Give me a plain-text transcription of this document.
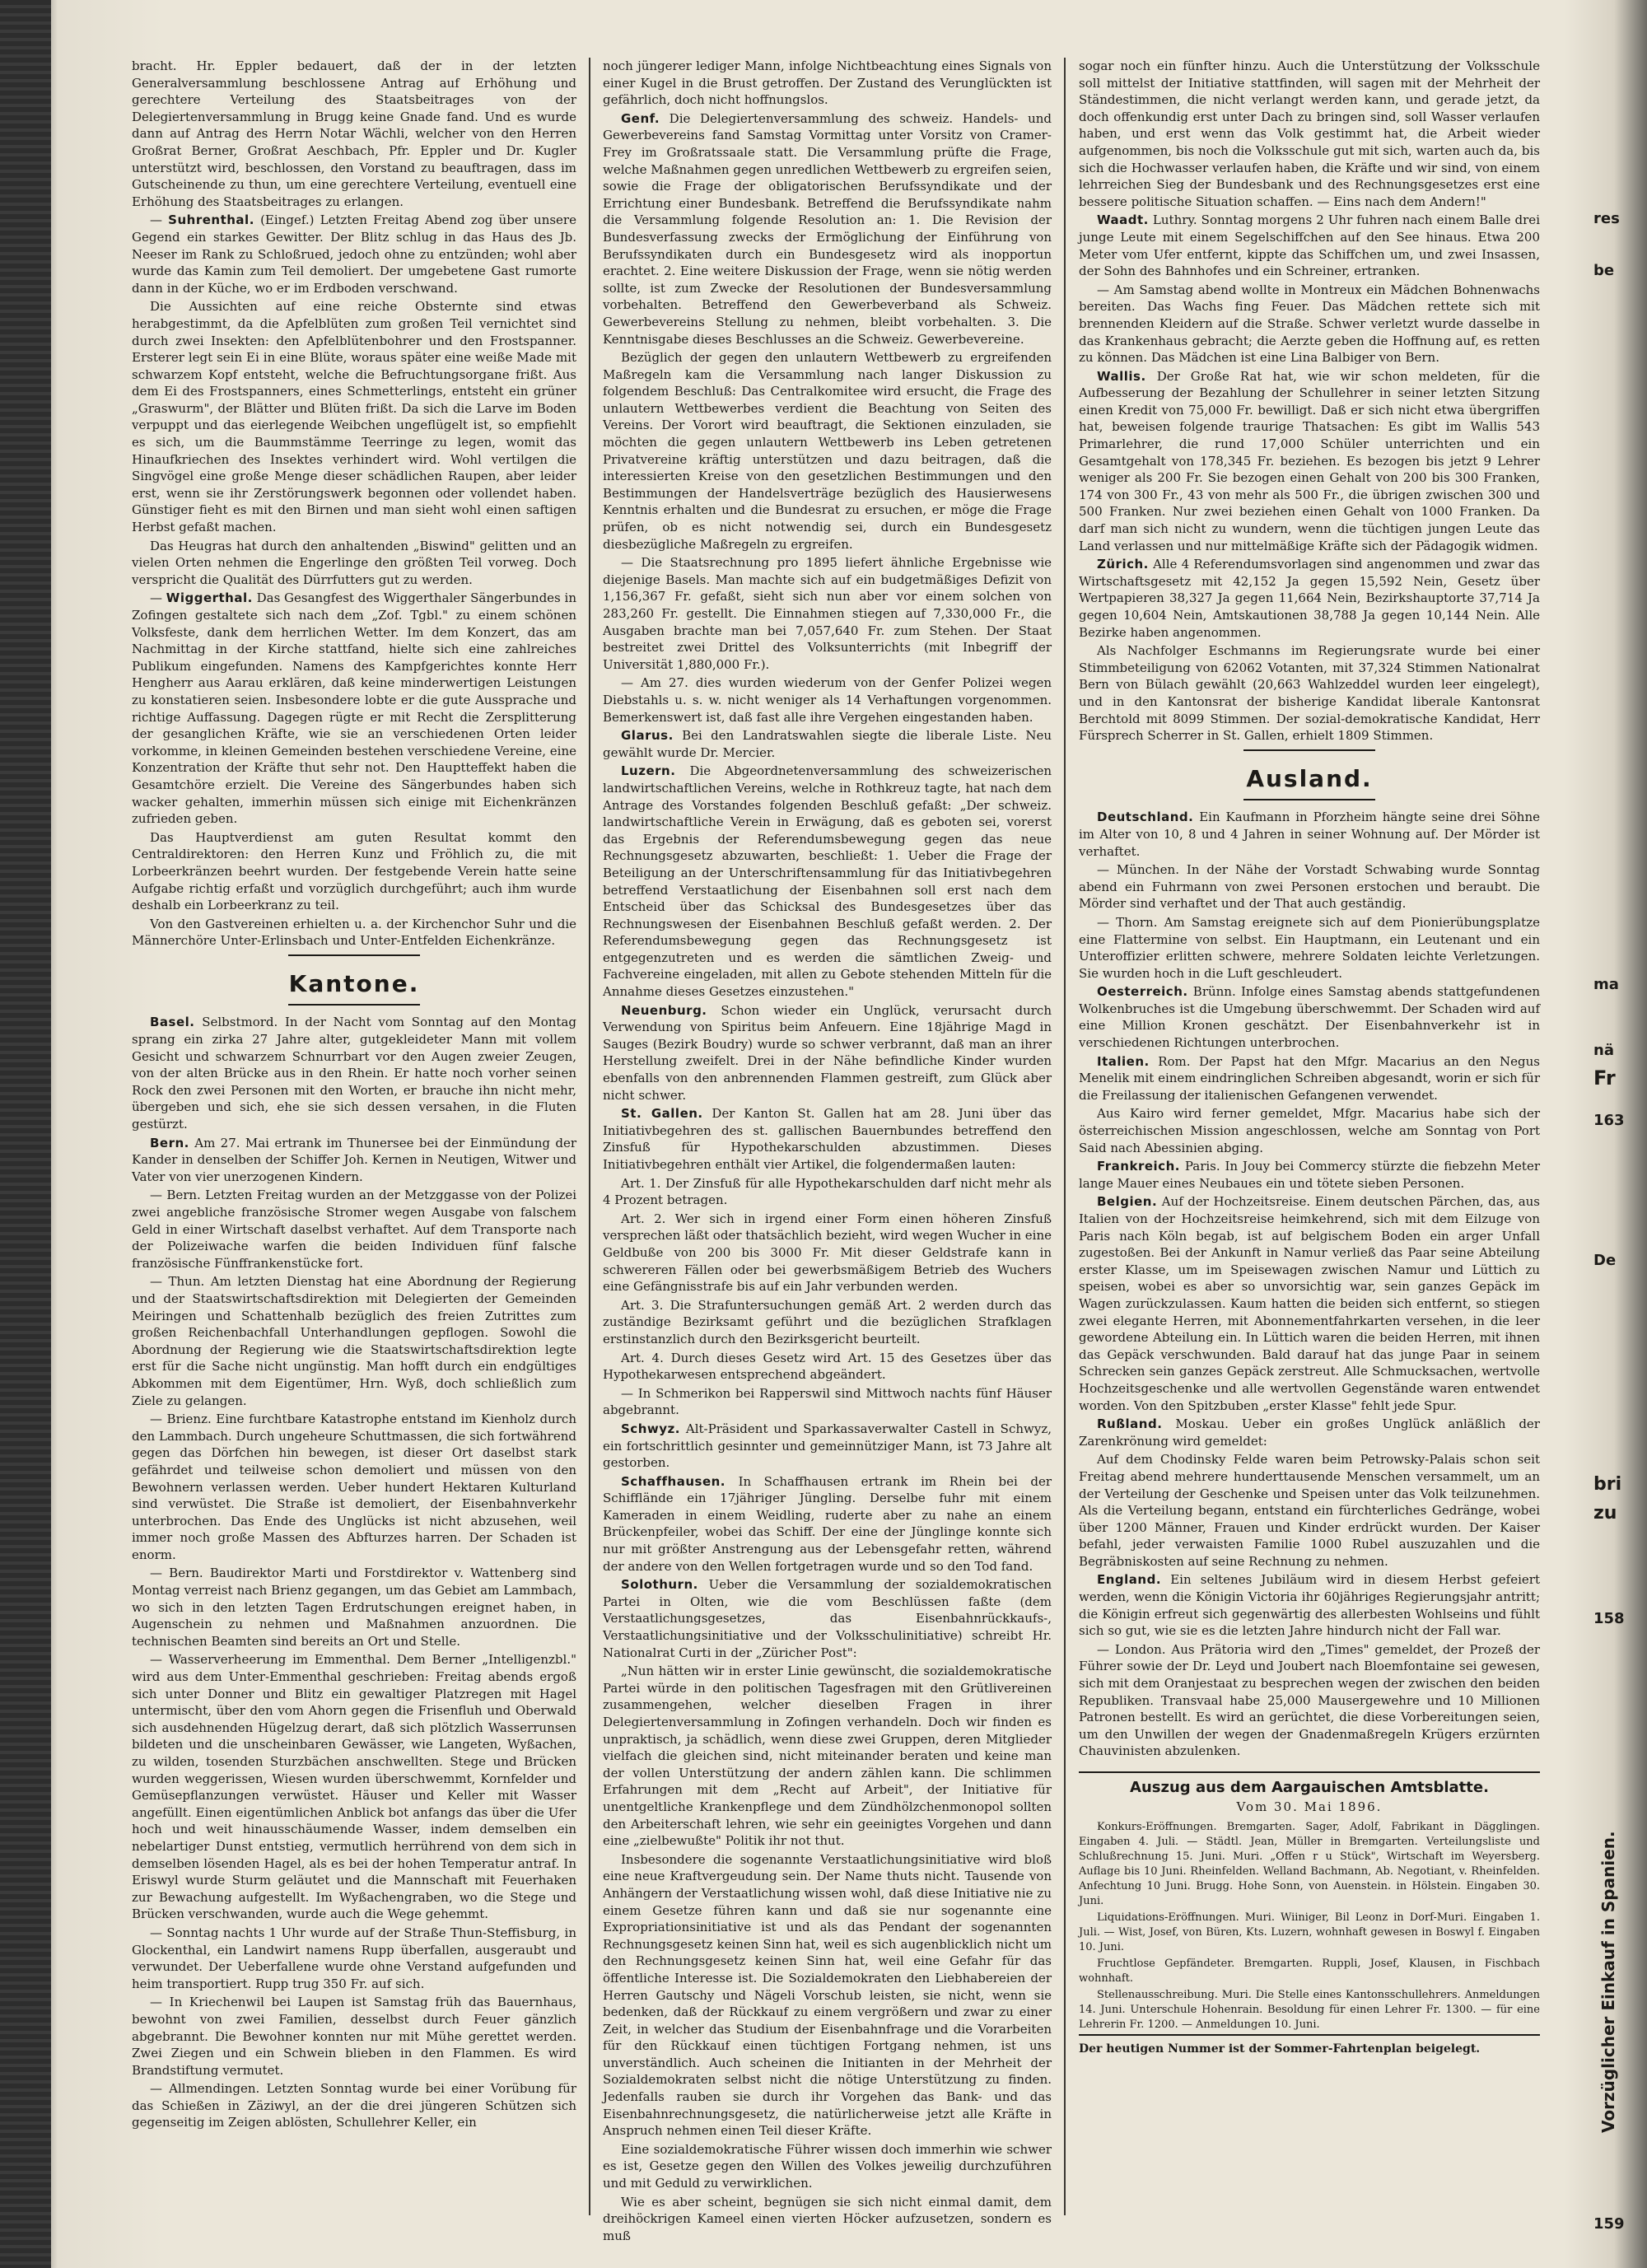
bracht. Hr. Eppler bedauert, daß der in der letzten Generalversammlung beschlossene Antrag auf Erhöhung und gerechtere Verteilung des Staatsbeitrages von der Delegiertenversammlung in Brugg keine Gnade fand. Und es wurde dann auf Antrag des Herrn Notar Wächli, welcher von den Herren Großrat Berner, Großrat Aeschbach, Pfr. Eppler und Dr. Kugler unterstützt wird, beschlossen, den Vorstand zu beauftragen, dass im Gutscheinende zu thun, um eine gerechtere Verteilung, eventuell eine Erhöhung des Staatsbeitrages zu erlangen.

— Suhrenthal. (Eingef.) Letzten Freitag Abend zog über unsere Gegend ein starkes Gewitter. Der Blitz schlug in das Haus des Jb. Neeser im Rank zu Schloßrued, jedoch ohne zu entzünden; wohl aber wurde das Kamin zum Teil demoliert. Der umgebetene Gast rumorte dann in der Küche, wo er im Erdboden verschwand.

Die Aussichten auf eine reiche Obsternte sind etwas herabgestimmt, da die Apfelblüten zum großen Teil vernichtet sind durch zwei Insekten: den Apfelblütenbohrer und den Frostspanner. Ersterer legt sein Ei in eine Blüte, woraus später eine weiße Made mit schwarzem Kopf entsteht, welche die Befruchtungsorgane frißt. Aus dem Ei des Frostspanners, eines Schmetterlings, entsteht ein grüner „Graswurm", der Blätter und Blüten frißt. Da sich die Larve im Boden verpuppt und das eierlegende Weibchen ungeflügelt ist, so empfiehlt es sich, um die Baummstämme Teerringe zu legen, womit das Hinaufkriechen des Insektes verhindert wird. Wohl vertilgen die Singvögel eine große Menge dieser schädlichen Raupen, aber leider erst, wenn sie ihr Zerstörungswerk begonnen oder vollendet haben. Günstiger fieht es mit den Birnen und man sieht wohl einen saftigen Herbst gefaßt machen.

Das Heugras hat durch den anhaltenden „Biswind" gelitten und an vielen Orten nehmen die Engerlinge den größten Teil vorweg. Doch verspricht die Qualität des Dürrfutters gut zu werden.

— Wiggerthal. Das Gesangfest des Wiggerthaler Sängerbundes in Zofingen gestaltete sich nach dem „Zof. Tgbl." zu einem schönen Volksfeste, dank dem herrlichen Wetter. Im dem Konzert, das am Nachmittag in der Kirche stattfand, hielte sich eine zahlreiches Publikum eingefunden. Namens des Kampfgerichtes konnte Herr Hengherr aus Aarau erklären, daß keine minderwertigen Leistungen zu konstatieren seien. Insbesondere lobte er die gute Aussprache und richtige Auffassung. Dagegen rügte er mit Recht die Zersplitterung der gesanglichen Kräfte, wie sie an verschiedenen Orten leider vorkomme, in kleinen Gemeinden bestehen verschiedene Vereine, eine Konzentration der Kräfte thut sehr not. Den Hauptteffekt haben die Gesamtchöre erzielt. Die Vereine des Sängerbundes haben sich wacker gehalten, immerhin müssen sich einige mit Eichenkränzen zufrieden geben.

Das Hauptverdienst am guten Resultat kommt den Centraldirektoren: den Herren Kunz und Fröhlich zu, die mit Lorbeerkränzen beehrt wurden. Der festgebende Verein hatte seine Aufgabe richtig erfaßt und vorzüglich durchgeführt; auch ihm wurde deshalb ein Lorbeerkranz zu teil.

Von den Gastvereinen erhielten u. a. der Kirchenchor Suhr und die Männerchöre Unter-Erlinsbach und Unter-Entfelden Eichenkränze.

Kantone.

Basel. Selbstmord. In der Nacht vom Sonntag auf den Montag sprang ein zirka 27 Jahre alter, gutgekleideter Mann mit vollem Gesicht und schwarzem Schnurrbart vor den Augen zweier Zeugen, von der alten Brücke aus in den Rhein. Er hatte noch vorher seinen Rock den zwei Personen mit den Worten, er brauche ihn nicht mehr, übergeben und sich, ehe sie sich dessen versahen, in die Fluten gestürzt.

Bern. Am 27. Mai ertrank im Thunersee bei der Einmündung der Kander in denselben der Schiffer Joh. Kernen in Neutigen, Witwer und Vater von vier unerzogenen Kindern.

— Bern. Letzten Freitag wurden an der Metzggasse von der Polizei zwei angebliche französische Stromer wegen Ausgabe von falschem Geld in einer Wirtschaft daselbst verhaftet. Auf dem Transporte nach der Polizeiwache warfen die beiden Individuen fünf falsche französische Fünffrankenstücke fort.

— Thun. Am letzten Dienstag hat eine Abordnung der Regierung und der Staatswirtschaftsdirektion mit Delegierten der Gemeinden Meiringen und Schattenhalb bezüglich des freien Zutrittes zum großen Reichenbachfall Unterhandlungen gepflogen. Sowohl die Abordnung der Regierung wie die Staatswirtschaftsdirektion legte erst für die Sache nicht ungünstig. Man hofft durch ein endgültiges Abkommen mit dem Eigentümer, Hrn. Wyß, doch schließlich zum Ziele zu gelangen.

— Brienz. Eine furchtbare Katastrophe entstand im Kienholz durch den Lammbach. Durch ungeheure Schuttmassen, die sich fortwährend gegen das Dörfchen hin bewegen, ist dieser Ort daselbst stark gefährdet und teilweise schon demoliert und müssen von den Bewohnern verlassen werden. Ueber hundert Hektaren Kulturland sind verwüstet. Die Straße ist demoliert, der Eisenbahnverkehr unterbrochen. Das Ende des Unglücks ist nicht abzusehen, weil immer noch große Massen des Abfturzes harren. Der Schaden ist enorm.

— Bern. Baudirektor Marti und Forstdirektor v. Wattenberg sind Montag verreist nach Brienz gegangen, um das Gebiet am Lammbach, wo sich in den letzten Tagen Erdrutschungen ereignet haben, in Augenschein zu nehmen und Maßnahmen anzuordnen. Die technischen Beamten sind bereits an Ort und Stelle.

— Wasserverheerung im Emmenthal. Dem Berner „Intelligenzbl." wird aus dem Unter-Emmenthal geschrieben: Freitag abends ergoß sich unter Donner und Blitz ein gewaltiger Platzregen mit Hagel untermischt, über den vom Ahorn gegen die Frisenfluh und Oberwald sich ausdehnenden Hügelzug derart, daß sich plötzlich Wasserrunsen bildeten und die unscheinbaren Gewässer, wie Langeten, Wyßachen, zu wilden, tosenden Sturzbächen anschwellten. Stege und Brücken wurden weggerissen, Wiesen wurden überschwemmt, Kornfelder und Gemüsepflanzungen verwüstet. Häuser und Keller mit Wasser angefüllt. Einen eigentümlichen Anblick bot anfangs das über die Ufer hoch und weit hinausschäumende Wasser, indem demselben ein nebelartiger Dunst entstieg, vermutlich herrührend von dem sich in demselben lösenden Hagel, als es bei der hohen Temperatur antraf. In Eriswyl wurde Sturm geläutet und die Mannschaft mit Feuerhaken zur Bewachung aufgestellt. Im Wyßachengraben, wo die Stege und Brücken verschwanden, wurde auch die Wege gehemmt.

— Sonntag nachts 1 Uhr wurde auf der Straße Thun-Steffisburg, in Glockenthal, ein Landwirt namens Rupp überfallen, ausgeraubt und verwundet. Der Ueberfallene wurde ohne Verstand aufgefunden und heim transportiert. Rupp trug 350 Fr. auf sich.

— In Kriechenwil bei Laupen ist Samstag früh das Bauernhaus, bewohnt von zwei Familien, desselbst durch Feuer gänzlich abgebrannt. Die Bewohner konnten nur mit Mühe gerettet werden. Zwei Ziegen und ein Schwein blieben in den Flammen. Es wird Brandstiftung vermutet.

— Allmendingen. Letzten Sonntag wurde bei einer Vorübung für das Schießen in Zäziwyl, an der die drei jüngeren Schützen sich gegenseitig im Zeigen ablösten, Schullehrer Keller, ein

noch jüngerer lediger Mann, infolge Nichtbeachtung eines Signals von einer Kugel in die Brust getroffen. Der Zustand des Verunglückten ist gefährlich, doch nicht hoffnungslos.

Genf. Die Delegiertenversammlung des schweiz. Handels- und Gewerbevereins fand Samstag Vormittag unter Vorsitz von Cramer-Frey im Großratssaale statt. Die Versammlung prüfte die Frage, welche Maßnahmen gegen unredlichen Wettbewerb zu ergreifen seien, sowie die Frage der obligatorischen Berufssyndikate und der Errichtung einer Bundesbank. Betreffend die Berufssyndikate nahm die Versammlung folgende Resolution an: 1. Die Revision der Bundesverfassung zwecks der Ermöglichung der Einführung von Berufssyndikaten durch ein Bundesgesetz wird als inopportun erachtet. 2. Eine weitere Diskussion der Frage, wenn sie nötig werden sollte, ist zum Zwecke der Resolutionen der Bundesversammlung vorbehalten. Betreffend den Gewerbeverband als Schweiz. Gewerbevereins Stellung zu nehmen, bleibt vorbehalten. 3. Die Kenntnisgabe dieses Beschlusses an die Schweiz. Gewerbevereine.

Bezüglich der gegen den unlautern Wettbewerb zu ergreifenden Maßregeln kam die Versammlung nach langer Diskussion zu folgendem Beschluß: Das Centralkomitee wird ersucht, die Frage des unlautern Wettbewerbes verdient die Beachtung von Seiten des Vereins. Der Vorort wird beauftragt, die Sektionen einzuladen, sie möchten die gegen unlautern Wettbewerb ins Leben getretenen Privatvereine kräftig unterstützen und dazu beitragen, daß die interessierten Kreise von den gesetzlichen Bestimmungen und den Bestimmungen der Handelsverträge bezüglich des Hausierwesens Kenntnis erhalten und die Bundesrat zu ersuchen, er möge die Frage prüfen, ob es nicht notwendig sei, durch ein Bundesgesetz diesbezügliche Maßregeln zu ergreifen.

— Die Staatsrechnung pro 1895 liefert ähnliche Ergebnisse wie diejenige Basels. Man machte sich auf ein budgetmäßiges Defizit von 1,156,367 Fr. gefaßt, sieht sich nun aber vor einem solchen von 283,260 Fr. gestellt. Die Einnahmen stiegen auf 7,330,000 Fr., die Ausgaben brachte man bei 7,057,640 Fr. zum Stehen. Der Staat bestreitet zwei Drittel des Volksunterrichts (mit Inbegriff der Universität 1,880,000 Fr.).

— Am 27. dies wurden wiederum von der Genfer Polizei wegen Diebstahls u. s. w. nicht weniger als 14 Verhaftungen vorgenommen. Bemerkenswert ist, daß fast alle ihre Vergehen eingestanden haben.

Glarus. Bei den Landratswahlen siegte die liberale Liste. Neu gewählt wurde Dr. Mercier.

Luzern. Die Abgeordnetenversammlung des schweizerischen landwirtschaftlichen Vereins, welche in Rothkreuz tagte, hat nach dem Antrage des Vorstandes folgenden Beschluß gefaßt: „Der schweiz. landwirtschaftliche Verein in Erwägung, daß es geboten sei, vorerst das Ergebnis der Referendumsbewegung gegen das neue Rechnungsgesetz abzuwarten, beschließt: 1. Ueber die Frage der Beteiligung an der Unterschriftensammlung für das Initiativbegehren betreffend Verstaatlichung der Eisenbahnen soll erst nach dem Entscheid über das Schicksal des Bundesgesetzes über das Rechnungswesen der Eisenbahnen Beschluß gefaßt werden. 2. Der Referendumsbewegung gegen das Rechnungsgesetz ist entgegenzutreten und es werden die sämtlichen Zweig- und Fachvereine eingeladen, mit allen zu Gebote stehenden Mitteln für die Annahme dieses Gesetzes einzustehen."

Neuenburg. Schon wieder ein Unglück, verursacht durch Verwendung von Spiritus beim Anfeuern. Eine 18jährige Magd in Sauges (Bezirk Boudry) wurde so schwer verbrannt, daß man an ihrer Herstellung zweifelt. Drei in der Nähe befindliche Kinder wurden ebenfalls von den anbrennenden Flammen gestreift, zum Glück aber nicht schwer.

St. Gallen. Der Kanton St. Gallen hat am 28. Juni über das Initiativbegehren des st. gallischen Bauernbundes betreffend den Zinsfuß für Hypothekarschulden abzustimmen. Dieses Initiativbegehren enthält vier Artikel, die folgendermaßen lauten:

Art. 1. Der Zinsfuß für alle Hypothekarschulden darf nicht mehr als 4 Prozent betragen.

Art. 2. Wer sich in irgend einer Form einen höheren Zinsfuß versprechen läßt oder thatsächlich bezieht, wird wegen Wucher in eine Geldbuße von 200 bis 3000 Fr. Mit dieser Geldstrafe kann in schwereren Fällen oder bei gewerbsmäßigem Betrieb des Wuchers eine Gefängnisstrafe bis auf ein Jahr verbunden werden.

Art. 3. Die Strafuntersuchungen gemäß Art. 2 werden durch das zuständige Bezirksamt geführt und die bezüglichen Strafklagen erstinstanzlich durch den Bezirksgericht beurteilt.

Art. 4. Durch dieses Gesetz wird Art. 15 des Gesetzes über das Hypothekarwesen entsprechend abgeändert.

— In Schmerikon bei Rapperswil sind Mittwoch nachts fünf Häuser abgebrannt.

Schwyz. Alt-Präsident und Sparkassaverwalter Castell in Schwyz, ein fortschrittlich gesinnter und gemeinnütziger Mann, ist 73 Jahre alt gestorben.

Schaffhausen. In Schaffhausen ertrank im Rhein bei der Schifflände ein 17jähriger Jüngling. Derselbe fuhr mit einem Kameraden in einem Weidling, ruderte aber zu nahe an einem Brückenpfeiler, wobei das Schiff. Der eine der Jünglinge konnte sich nur mit größter Anstrengung aus der Lebensgefahr retten, während der andere von den Wellen fortgetragen wurde und so den Tod fand.

Solothurn. Ueber die Versammlung der sozialdemokratischen Partei in Olten, wie die vom Beschlüssen faßte (dem Verstaatlichungsgesetzes, das Eisenbahnrückkaufs-, Verstaatlichungsinitiative und der Volksschulinitiative) schreibt Hr. Nationalrat Curti in der „Züricher Post":

„Nun hätten wir in erster Linie gewünscht, die sozialdemokratische Partei würde in den politischen Tagesfragen mit den Grütlivereinen zusammengehen, welcher dieselben Fragen in ihrer Delegiertenversammlung in Zofingen verhandeln. Doch wir finden es unpraktisch, ja schädlich, wenn diese zwei Gruppen, deren Mitglieder vielfach die gleichen sind, nicht miteinander beraten und keine man der vollen Unterstützung der andern zählen kann. Die schlimmen Erfahrungen mit dem „Recht auf Arbeit", der Initiative für unentgeltliche Krankenpflege und dem Zündhölzchenmonopol sollten den Arbeiterschaft lehren, wie sehr ein geeinigtes Vorgehen und dann eine „zielbewußte" Politik ihr not thut.

Insbesondere die sogenannte Verstaatlichungsinitiative wird bloß eine neue Kraftvergeudung sein. Der Name thuts nicht. Tausende von Anhängern der Verstaatlichung wissen wohl, daß diese Initiative nie zu einem Gesetze führen kann und daß sie nur sogenannte eine Expropriationsinitiative ist und als das Pendant der sogenannten Rechnungsgesetz keinen Sinn hat, weil es sich augenblicklich nicht um den Rechnungsgesetz keinen Sinn hat, weil eine Gefahr für das öffentliche Interesse ist. Die Sozialdemokraten den Liebhabereien der Herren Gautschy und Nägeli Vorschub leisten, sie nicht, wenn sie bedenken, daß der Rückkauf zu einem vergrößern und zwar zu einer Zeit, in welcher das Studium der Eisenbahnfrage und die Vorarbeiten für den Rückkauf einen tüchtigen Fortgang nehmen, ist uns unverständlich. Auch scheinen die Initianten in der Mehrheit der Sozialdemokraten selbst nicht die nötige Unterstützung zu finden. Jedenfalls rauben sie durch ihr Vorgehen das Bank- und das Eisenbahnrechnungsgesetz, die natürlicherweise jetzt alle Kräfte in Anspruch nehmen einen Teil dieser Kräfte.

Eine sozialdemokratische Führer wissen doch immerhin wie schwer es ist, Gesetze gegen den Willen des Volkes jeweilig durchzuführen und mit Geduld zu verwirklichen.

Wie es aber scheint, begnügen sie sich nicht einmal damit, dem dreihöckrigen Kameel einen vierten Höcker aufzusetzen, sondern es muß

sogar noch ein fünfter hinzu. Auch die Unterstützung der Volksschule soll mittelst der Initiative stattfinden, will sagen mit der Mehrheit der Ständestimmen, die nicht verlangt werden kann, und gerade jetzt, da doch offenkundig erst unter Dach zu bringen sind, soll Wasser verlaufen haben, und erst wenn das Volk gestimmt hat, die Arbeit wieder aufgenommen, bis noch die Volksschule gut mit sich, warten auch da, bis sich die Hochwasser verlaufen haben, die Kräfte und wir sind, von einem lehrreichen Sieg der Bundesbank und des Rechnungsgesetzes erst eine bessere politische Situation schaffen. — Eins nach dem Andern!"

Waadt. Luthry. Sonntag morgens 2 Uhr fuhren nach einem Balle drei junge Leute mit einem Segelschiffchen auf den See hinaus. Etwa 200 Meter vom Ufer entfernt, kippte das Schiffchen um, und zwei Insassen, der Sohn des Bahnhofes und ein Schreiner, ertranken.

— Am Samstag abend wollte in Montreux ein Mädchen Bohnenwachs bereiten. Das Wachs fing Feuer. Das Mädchen rettete sich mit brennenden Kleidern auf die Straße. Schwer verletzt wurde dasselbe in das Krankenhaus gebracht; die Aerzte geben die Hoffnung auf, es retten zu können. Das Mädchen ist eine Lina Balbiger von Bern.

Wallis. Der Große Rat hat, wie wir schon meldeten, für die Aufbesserung der Bezahlung der Schullehrer in seiner letzten Sitzung einen Kredit von 75,000 Fr. bewilligt. Daß er sich nicht etwa übergriffen hat, beweisen folgende traurige Thatsachen: Es gibt im Wallis 543 Primarlehrer, die rund 17,000 Schüler unterrichten und ein Gesamtgehalt von 178,345 Fr. beziehen. Es bezogen bis jetzt 9 Lehrer weniger als 200 Fr. Sie bezogen einen Gehalt von 200 bis 300 Franken, 174 von 300 Fr., 43 von mehr als 500 Fr., die übrigen zwischen 300 und 500 Franken. Nur zwei beziehen einen Gehalt von 1000 Franken. Da darf man sich nicht zu wundern, wenn die tüchtigen jungen Leute das Land verlassen und nur mittelmäßige Kräfte sich der Pädagogik widmen.

Zürich. Alle 4 Referendumsvorlagen sind angenommen und zwar das Wirtschaftsgesetz mit 42,152 Ja gegen 15,592 Nein, Gesetz über Wertpapieren 38,327 Ja gegen 11,664 Nein, Bezirkshauptorte 37,714 Ja gegen 10,604 Nein, Amtskautionen 38,788 Ja gegen 10,144 Nein. Alle Bezirke haben angenommen.

Als Nachfolger Eschmanns im Regierungsrate wurde bei einer Stimmbeteiligung von 62062 Votanten, mit 37,324 Stimmen Nationalrat Bern von Bülach gewählt (20,663 Wahlzeddel wurden leer eingelegt), und in den Kantonsrat der bisherige Kandidat liberale Kantonsrat Berchtold mit 8099 Stimmen. Der sozial-demokratische Kandidat, Herr Fürsprech Scherrer in St. Gallen, erhielt 1809 Stimmen.

Ausland.

Deutschland. Ein Kaufmann in Pforzheim hängte seine drei Söhne im Alter von 10, 8 und 4 Jahren in seiner Wohnung auf. Der Mörder ist verhaftet.

— München. In der Nähe der Vorstadt Schwabing wurde Sonntag abend ein Fuhrmann von zwei Personen erstochen und beraubt. Die Mörder sind verhaftet und der That auch geständig.

— Thorn. Am Samstag ereignete sich auf dem Pionierübungsplatze eine Flattermine von selbst. Ein Hauptmann, ein Leutenant und ein Unteroffizier erlitten schwere, mehrere Soldaten leichte Verletzungen. Sie wurden hoch in die Luft geschleudert.

Oesterreich. Brünn. Infolge eines Samstag abends stattgefundenen Wolkenbruches ist die Umgebung überschwemmt. Der Schaden wird auf eine Million Kronen geschätzt. Der Eisenbahnverkehr ist in verschiedenen Richtungen unterbrochen.

Italien. Rom. Der Papst hat den Mfgr. Macarius an den Negus Menelik mit einem eindringlichen Schreiben abgesandt, worin er sich für die Freilassung der italienischen Gefangenen verwendet.

Aus Kairo wird ferner gemeldet, Mfgr. Macarius habe sich der österreichischen Mission angeschlossen, welche am Sonntag von Port Said nach Abessinien abging.

Frankreich. Paris. In Jouy bei Commercy stürzte die fiebzehn Meter lange Mauer eines Neubaues ein und tötete sieben Personen.

Belgien. Auf der Hochzeitsreise. Einem deutschen Pärchen, das, aus Italien von der Hochzeitsreise heimkehrend, sich mit dem Eilzuge von Paris nach Köln begab, ist auf belgischem Boden ein arger Unfall zugestoßen. Bei der Ankunft in Namur verließ das Paar seine Abteilung erster Klasse, um im Speisewagen zwischen Namur und Lüttich zu speisen, wobei es aber so unvorsichtig war, sein ganzes Gepäck im Wagen zurückzulassen. Kaum hatten die beiden sich entfernt, so stiegen zwei elegante Herren, mit Abonnementfahrkarten versehen, in die leer gewordene Abteilung ein. In Lüttich waren die beiden Herren, mit ihnen das Gepäck verschwunden. Bald darauf hat das junge Paar in seinem Schrecken sein ganzes Gepäck zerstreut. Alle Schmucksachen, wertvolle Hochzeitsgeschenke und alle wertvollen Gegenstände waren entwendet worden. Von den Spitzbuben „erster Klasse" fehlt jede Spur.

Rußland. Moskau. Ueber ein großes Unglück anläßlich der Zarenkrönung wird gemeldet:

Auf dem Chodinsky Felde waren beim Petrowsky-Palais schon seit Freitag abend mehrere hunderttausende Menschen versammelt, um an der Verteilung der Geschenke und Speisen unter das Volk teilzunehmen. Als die Verteilung begann, entstand ein fürchterliches Gedränge, wobei über 1200 Männer, Frauen und Kinder erdrückt wurden. Der Kaiser befahl, jeder verwaisten Familie 1000 Rubel auszuzahlen und die Begräbniskosten auf seine Rechnung zu nehmen.

England. Ein seltenes Jubiläum wird in diesem Herbst gefeiert werden, wenn die Königin Victoria ihr 60jähriges Regierungsjahr antritt; die Königin erfreut sich gegenwärtig des allerbesten Wohlseins und fühlt sich so gut, wie sie es die letzten Jahre hindurch nicht der Fall war.

— London. Aus Prätoria wird den „Times" gemeldet, der Prozeß der Führer sowie der Dr. Leyd und Joubert nach Bloemfontaine sei gewesen, sich mit dem Oranjestaat zu besprechen wegen der zwischen den beiden Republiken. Transvaal habe 25,000 Mausergewehre und 10 Millionen Patronen bestellt. Es wird an gerüchtet, die diese Vorbereitungen seien, um den Unwillen der wegen der Gnadenmaßregeln Krügers erzürnten Chauvinisten abzulenken.

Auszug aus dem Aargauischen Amtsblatte.
Vom 30. Mai 1896.

Konkurs-Eröffnungen. Bremgarten. Sager, Adolf, Fabrikant in Dägglingen. Eingaben 4. Juli. — Städtl. Jean, Müller in Bremgarten. Verteilungsliste und Schlußrechnung 15. Juni. Muri. „Offen r u Stück", Wirtschaft im Weyersberg. Auflage bis 10 Juni. Rheinfelden. Welland Bachmann, Ab. Negotiant, v. Rheinfelden. Anfechtung 10 Juni. Brugg. Hohe Sonn, von Auenstein. in Hölstein. Eingaben 30. Juni.

Liquidations-Eröffnungen. Muri. Wiiniger, Bil Leonz in Dorf-Muri. Eingaben 1. Juli. — Wist, Josef, von Büren, Kts. Luzern, wohnhaft gewesen in Boswyl f. Eingaben 10. Juni.

Fruchtlose Gepfändeter. Bremgarten. Ruppli, Josef, Klausen, in Fischbach wohnhaft.

Stellenausschreibung. Muri. Die Stelle eines Kantonsschullehrers. Anmeldungen 14. Juni. Unterschule Hohenrain. Besoldung für einen Lehrer Fr. 1300. — für eine Lehrerin Fr. 1200. — Anmeldungen 10. Juni.

Der heutigen Nummer ist der Sommer-Fahrtenplan beigelegt.

res
be
ma
nä
Fr
163
De
bri
zu
158
159
Vorzüglicher Einkauf in Spanien.
